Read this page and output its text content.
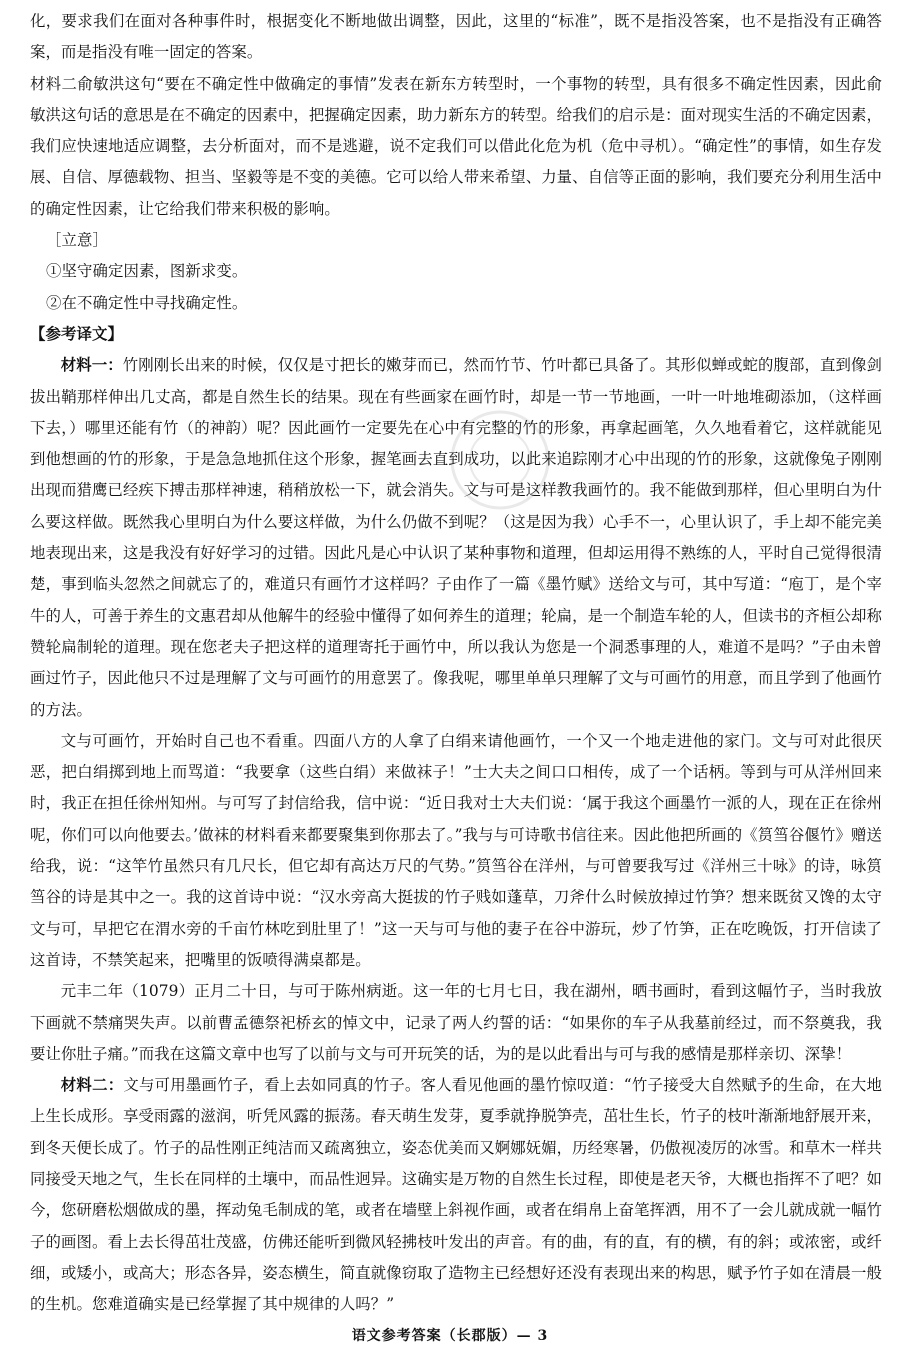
化，要求我们在面对各种事件时，根据变化不断地做出调整，因此，这里的“标准”，既不是指没答案，也不是指没有正确答案，而是指没有唯一固定的答案。

材料二俞敏洪这句“要在不确定性中做确定的事情”发表在新东方转型时，一个事物的转型，具有很多不确定性因素，因此俞敏洪这句话的意思是在不确定的因素中，把握确定因素，助力新东方的转型。给我们的启示是：面对现实生活的不确定因素，我们应快速地适应调整，去分析面对，而不是逃避，说不定我们可以借此化危为机（危中寻机）。“确定性”的事情，如生存发展、自信、厚德载物、担当、坚毅等是不变的美德。它可以给人带来希望、力量、自信等正面的影响，我们要充分利用生活中的确定性因素，让它给我们带来积极的影响。

［立意］

①坚守确定因素，图新求变。

②在不确定性中寻找确定性。

【参考译文】

材料一：竹刚刚长出来的时候，仅仅是寸把长的嫩芽而已，然而竹节、竹叶都已具备了。其形似蝉或蛇的腹部，直到像剑拔出鞘那样伸出几丈高，都是自然生长的结果。现在有些画家在画竹时，却是一节一节地画，一叶一叶地堆砌添加，（这样画下去，）哪里还能有竹（的神韵）呢？因此画竹一定要先在心中有完整的竹的形象，再拿起画笔，久久地看着它，这样就能见到他想画的竹的形象，于是急急地抓住这个形象，握笔画去直到成功，以此来追踪刚才心中出现的竹的形象，这就像兔子刚刚出现而猎鹰已经疾下搏击那样神速，稍稍放松一下，就会消失。文与可是这样教我画竹的。我不能做到那样，但心里明白为什么要这样做。既然我心里明白为什么要这样做，为什么仍做不到呢？（这是因为我）心手不一，心里认识了，手上却不能完美地表现出来，这是我没有好好学习的过错。因此凡是心中认识了某种事物和道理，但却运用得不熟练的人，平时自己觉得很清楚，事到临头忽然之间就忘了的，难道只有画竹才这样吗？子由作了一篇《墨竹赋》送给文与可，其中写道：“庖丁，是个宰牛的人，可善于养生的文惠君却从他解牛的经验中懂得了如何养生的道理；轮扁，是一个制造车轮的人，但读书的齐桓公却称赞轮扁制轮的道理。现在您老夫子把这样的道理寄托于画竹中，所以我认为您是一个洞悉事理的人，难道不是吗？”子由未曾画过竹子，因此他只不过是理解了文与可画竹的用意罢了。像我呢，哪里单单只理解了文与可画竹的用意，而且学到了他画竹的方法。

文与可画竹，开始时自己也不看重。四面八方的人拿了白绢来请他画竹，一个又一个地走进他的家门。文与可对此很厌恶，把白绢掷到地上而骂道：“我要拿（这些白绢）来做袜子！”士大夫之间口口相传，成了一个话柄。等到与可从洋州回来时，我正在担任徐州知州。与可写了封信给我，信中说：“近日我对士大夫们说：‘属于我这个画墨竹一派的人，现在正在徐州呢，你们可以向他要去。’做袜的材料看来都要聚集到你那去了。”我与与可诗歌书信往来。因此他把所画的《筼筜谷偃竹》赠送给我，说：“这竿竹虽然只有几尺长，但它却有高达万尺的气势。”筼筜谷在洋州，与可曾要我写过《洋州三十咏》的诗，咏筼筜谷的诗是其中之一。我的这首诗中说：“汉水旁高大挺拔的竹子贱如蓬草，刀斧什么时候放掉过竹笋？想来既贫又馋的太守文与可，早把它在渭水旁的千亩竹林吃到肚里了！”这一天与可与他的妻子在谷中游玩，炒了竹笋，正在吃晚饭，打开信读了这首诗，不禁笑起来，把嘴里的饭喷得满桌都是。

元丰二年（1079）正月二十日，与可于陈州病逝。这一年的七月七日，我在湖州，晒书画时，看到这幅竹子，当时我放下画就不禁痛哭失声。以前曹孟德祭祀桥玄的悼文中，记录了两人约誓的话：“如果你的车子从我墓前经过，而不祭奠我，我要让你肚子痛。”而我在这篇文章中也写了以前与文与可开玩笑的话，为的是以此看出与可与我的感情是那样亲切、深挚！

材料二：文与可用墨画竹子，看上去如同真的竹子。客人看见他画的墨竹惊叹道：“竹子接受大自然赋予的生命，在大地上生长成形。享受雨露的滋润，听凭风露的振荡。春天萌生发芽，夏季就挣脱笋壳，茁壮生长，竹子的枝叶渐渐地舒展开来，到冬天便长成了。竹子的品性刚正纯洁而又疏离独立，姿态优美而又婀娜妩媚，历经寒暑，仍傲视凌厉的冰雪。和草木一样共同接受天地之气，生长在同样的土壤中，而品性迥异。这确实是万物的自然生长过程，即使是老天爷，大概也指挥不了吧？如今，您研磨松烟做成的墨，挥动兔毛制成的笔，或者在墙壁上斜视作画，或者在绢帛上奋笔挥洒，用不了一会儿就成就一幅竹子的画图。看上去长得茁壮茂盛，仿佛还能听到微风轻拂枝叶发出的声音。有的曲，有的直，有的横，有的斜；或浓密，或纤细，或矮小，或高大；形态各异，姿态横生，简直就像窃取了造物主已经想好还没有表现出来的构思，赋予竹子如在清晨一般的生机。您难道确实是已经掌握了其中规律的人吗？”

语文参考答案（长郡版）— 3
